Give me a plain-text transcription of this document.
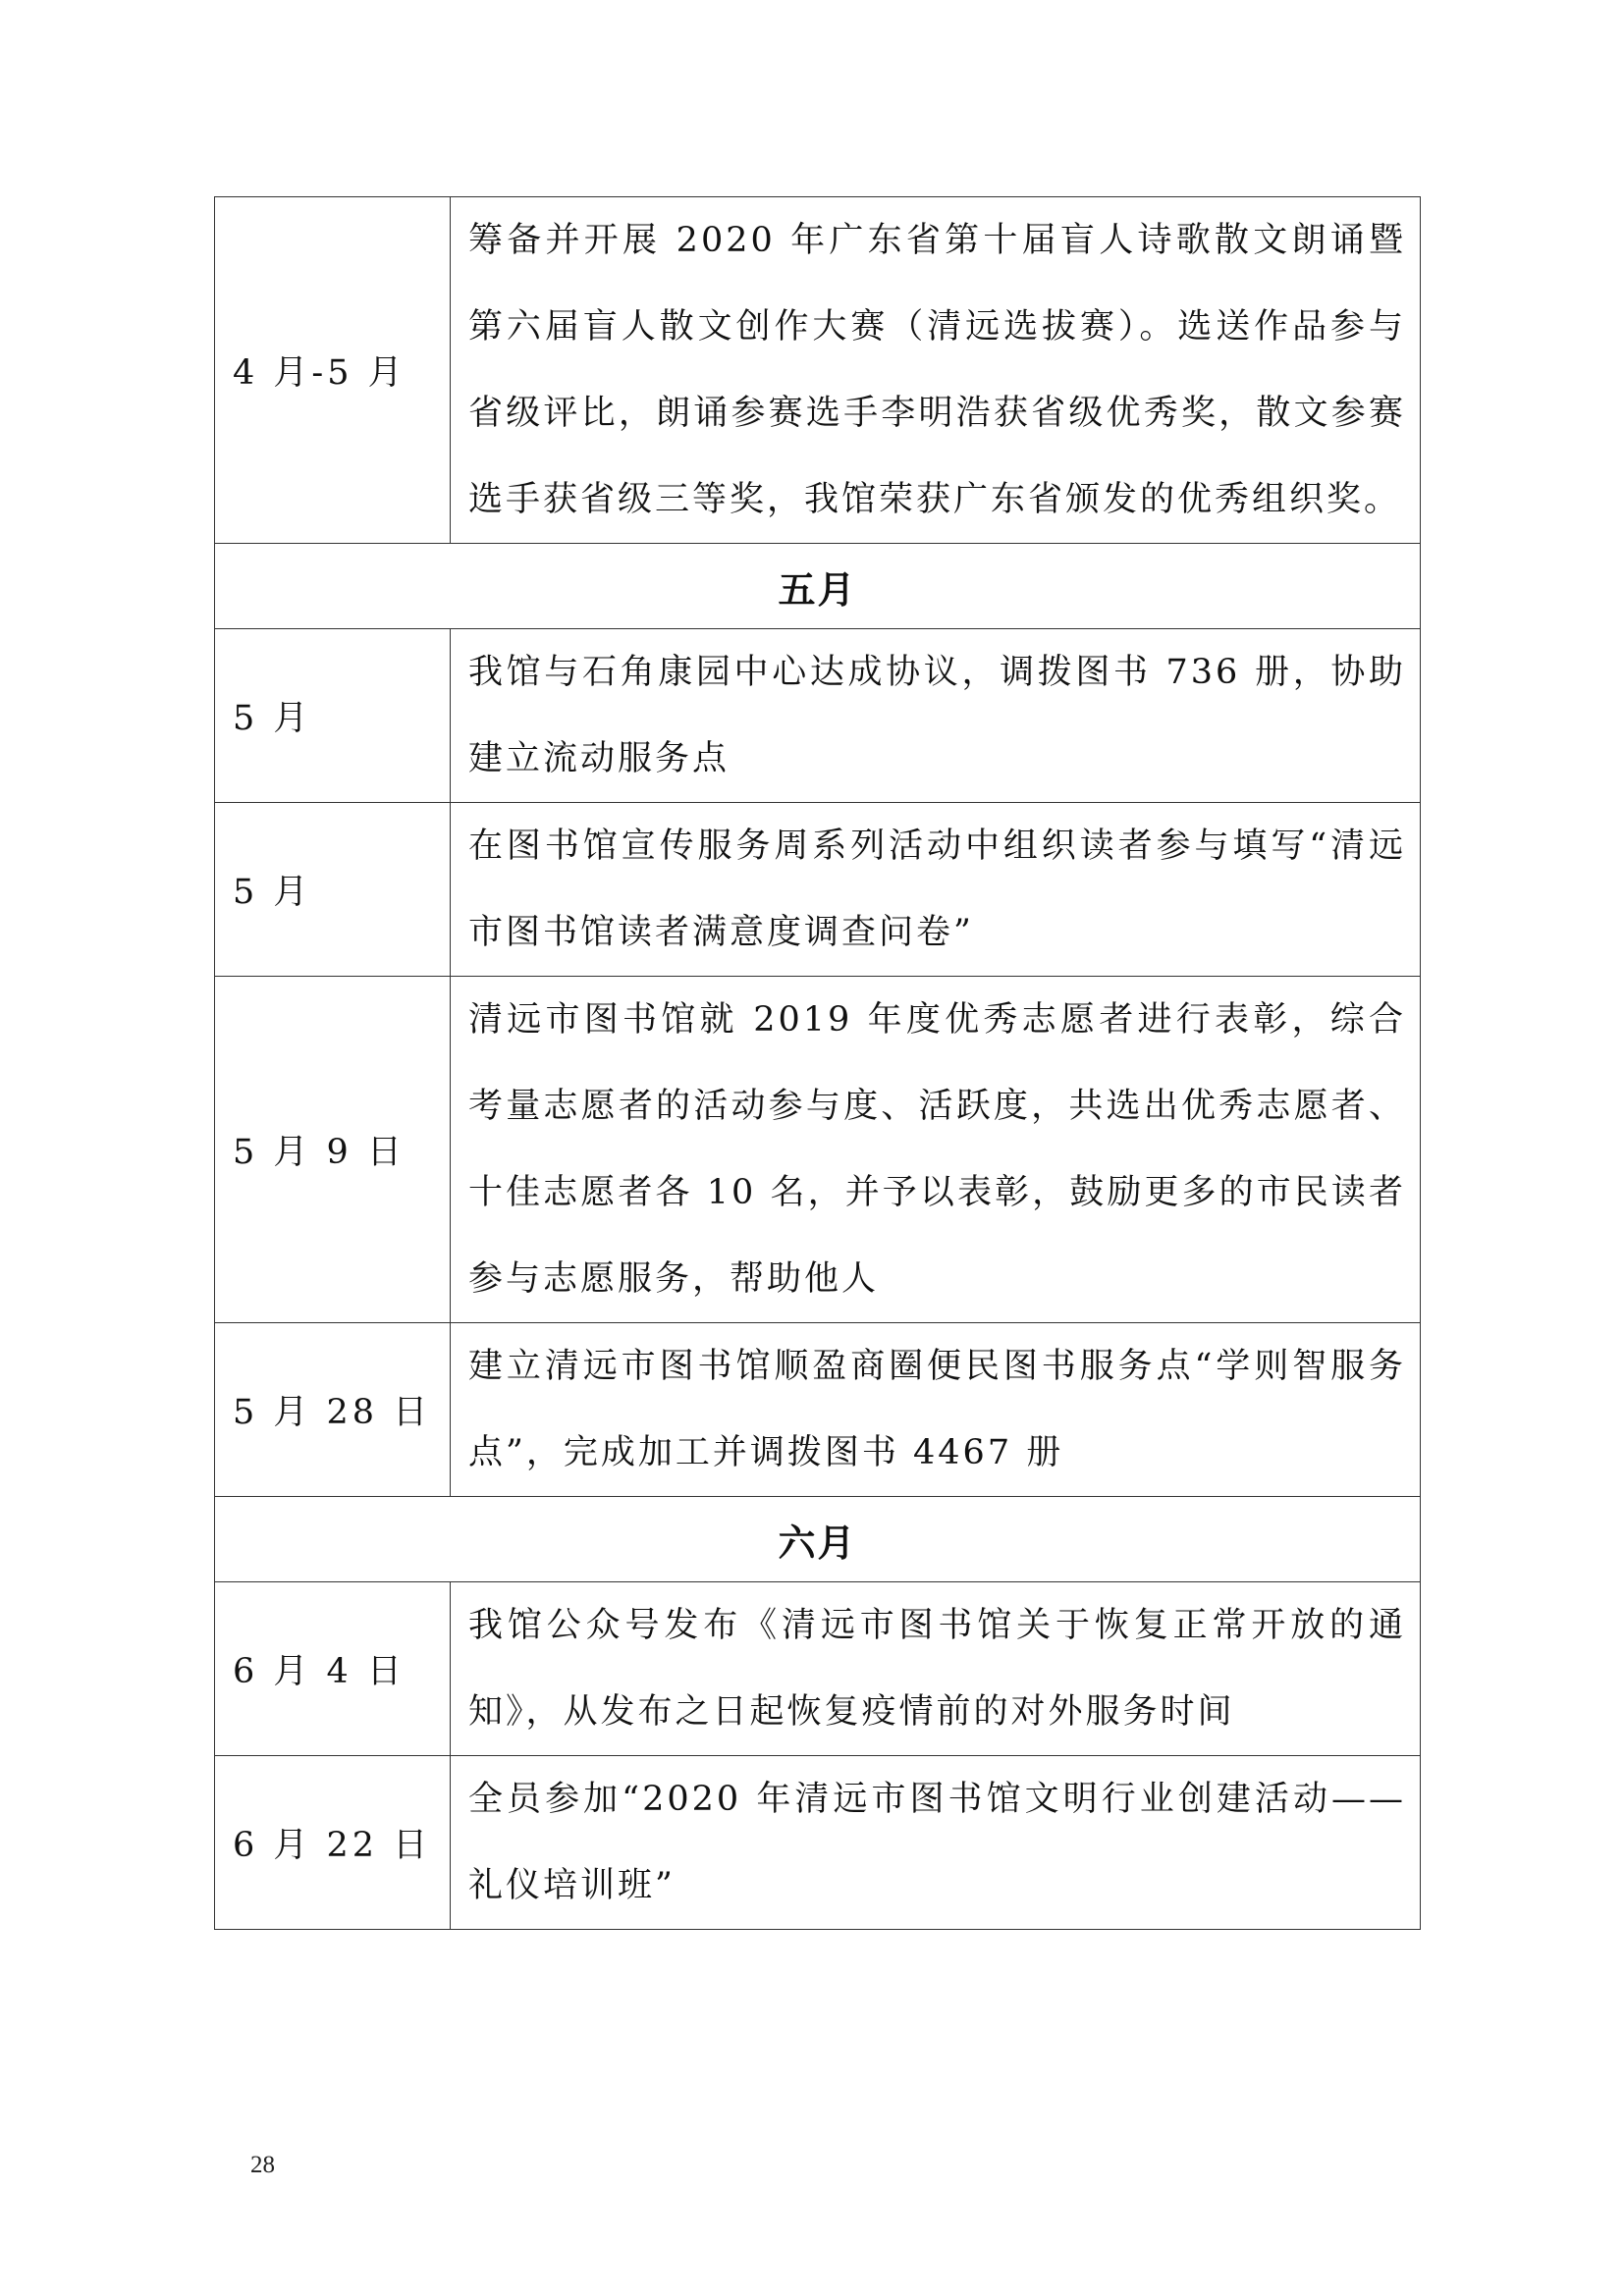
4 月-5 月	筹备并开展 2020 年广东省第十届盲人诗歌散文朗诵暨第六届盲人散文创作大赛（清远选拔赛）。选送作品参与省级评比，朗诵参赛选手李明浩获省级优秀奖，散文参赛选手获省级三等奖，我馆荣获广东省颁发的优秀组织奖。
五月	
5 月	我馆与石角康园中心达成协议，调拨图书 736 册，协助建立流动服务点
5 月	在图书馆宣传服务周系列活动中组织读者参与填写“清远市图书馆读者满意度调查问卷”
5 月 9 日	清远市图书馆就 2019 年度优秀志愿者进行表彰，综合考量志愿者的活动参与度、活跃度，共选出优秀志愿者、十佳志愿者各 10 名，并予以表彰，鼓励更多的市民读者参与志愿服务，帮助他人
5 月 28 日	建立清远市图书馆顺盈商圈便民图书服务点“学则智服务点”，完成加工并调拨图书 4467 册
六月	
6 月 4 日	我馆公众号发布《清远市图书馆关于恢复正常开放的通知》，从发布之日起恢复疫情前的对外服务时间
6 月 22 日	全员参加“2020 年清远市图书馆文明行业创建活动——礼仪培训班”
28
